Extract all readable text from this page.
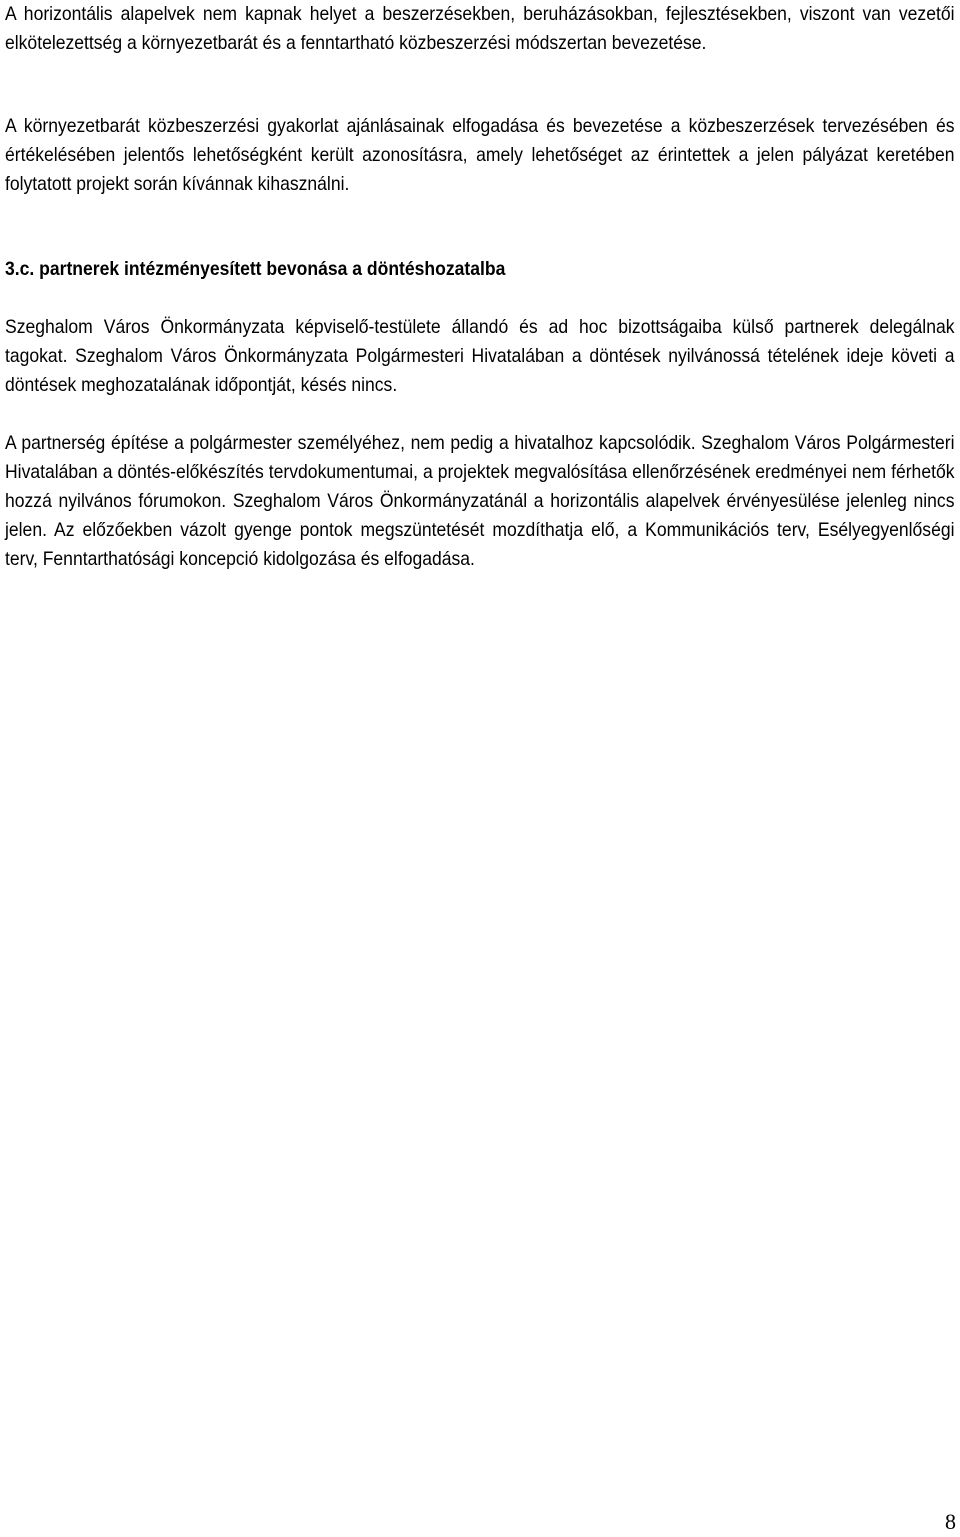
A horizontális alapelvek nem kapnak helyet a beszerzésekben, beruházásokban, fejlesztésekben, viszont van vezetői elkötelezettség a környezetbarát és a fenntartható közbeszerzési módszertan bevezetése.

A környezetbarát közbeszerzési gyakorlat ajánlásainak elfogadása és bevezetése a közbeszerzések tervezésében és értékelésében jelentős lehetőségként került azonosításra, amely lehetőséget az érintettek a jelen pályázat keretében folytatott projekt során kívánnak kihasználni.

3.c. partnerek intézményesített bevonása a döntéshozatalba

Szeghalom Város Önkormányzata képviselő-testülete állandó és ad hoc bizottságaiba külső partnerek delegálnak tagokat. Szeghalom Város Önkormányzata Polgármesteri Hivatalában a döntések nyilvánossá tételének ideje követi a döntések meghozatalának időpontját, késés nincs.

A partnerség építése a polgármester személyéhez, nem pedig a hivatalhoz kapcsolódik. Szeghalom Város Polgármesteri Hivatalában a döntés-előkészítés tervdokumentumai, a projektek megvalósítása ellenőrzésének eredményei nem férhetők hozzá nyilvános fórumokon. Szeghalom Város Önkormányzatánál a horizontális alapelvek érvényesülése jelenleg nincs jelen. Az előzőekben vázolt gyenge pontok megszüntetését mozdíthatja elő, a Kommunikációs terv, Esélyegyenlőségi terv, Fenntarthatósági koncepció kidolgozása és elfogadása.

8
